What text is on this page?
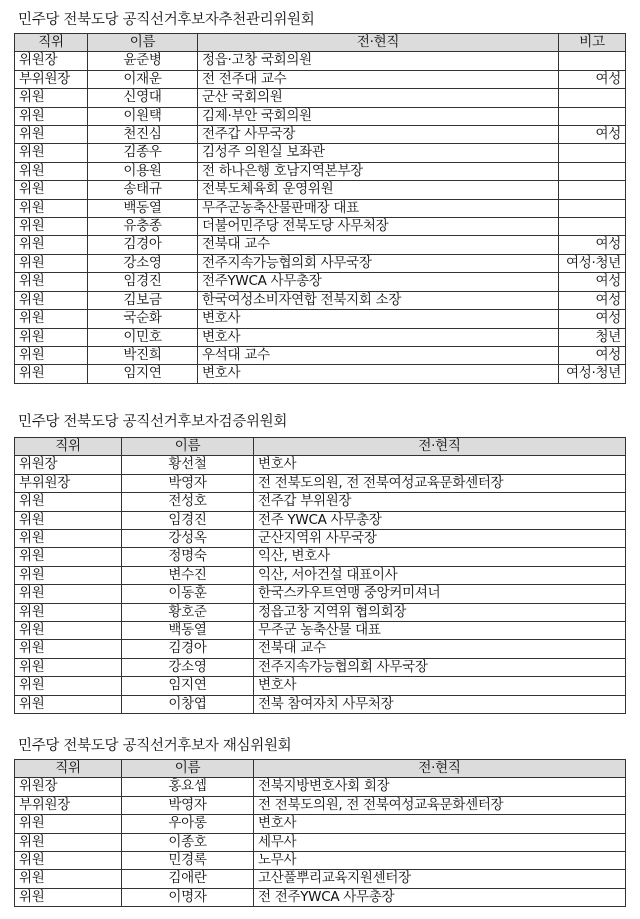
민주당 전북도당 공직선거후보자추천관리위원회
직위	이름	전·현직	비고
위원장	윤준병	정읍·고창 국회의원	
부위원장	이재운	전 전주대 교수	여성
위원	신영대	군산 국회의원	
위원	이원택	김제·부안 국회의원	
위원	천진심	전주갑 사무국장	여성
위원	김종우	김성주 의원실 보좌관	
위원	이용원	전 하나은행 호남지역본부장	
위원	송태규	전북도체육회 운영위원	
위원	백동열	무주군농축산물판매장 대표	
위원	유충종	더불어민주당 전북도당 사무처장	
위원	김경아	전북대 교수	여성
위원	강소영	전주지속가능협의회 사무국장	여성·청년
위원	임경진	전주YWCA 사무총장	여성
위원	김보금	한국여성소비자연합 전북지회 소장	여성
위원	국순화	변호사	여성
위원	이민호	변호사	청년
위원	박진희	우석대 교수	여성
위원	임지연	변호사	여성·청년
민주당 전북도당 공직선거후보자검증위원회
직위	이름	전·현직
위원장	황선철	변호사
부위원장	박영자	전 전북도의원, 전 전북여성교육문화센터장
위원	전성호	전주갑 부위원장
위원	임경진	전주 YWCA 사무총장
위원	강성옥	군산지역위 사무국장
위원	정명숙	익산, 변호사
위원	변수진	익산, 서아건설 대표이사
위원	이동훈	한국스카우트연맹 중앙커미셔너
위원	황호준	정읍고창 지역위 협의회장
위원	백동열	무주군 농축산물 대표
위원	김경아	전북대 교수
위원	강소영	전주지속가능협의회 사무국장
위원	임지연	변호사
위원	이창엽	전북 참여자치 사무처장
민주당 전북도당 공직선거후보자 재심위원회
직위	이름	전·현직
위원장	홍요셉	전북지방변호사회 회장
부위원장	박영자	전 전북도의원, 전 전북여성교육문화센터장
위원	우아롱	변호사
위원	이종호	세무사
위원	민경록	노무사
위원	김애란	고산풀뿌리교육지원센터장
위원	이명자	전 전주YWCA 사무총장
